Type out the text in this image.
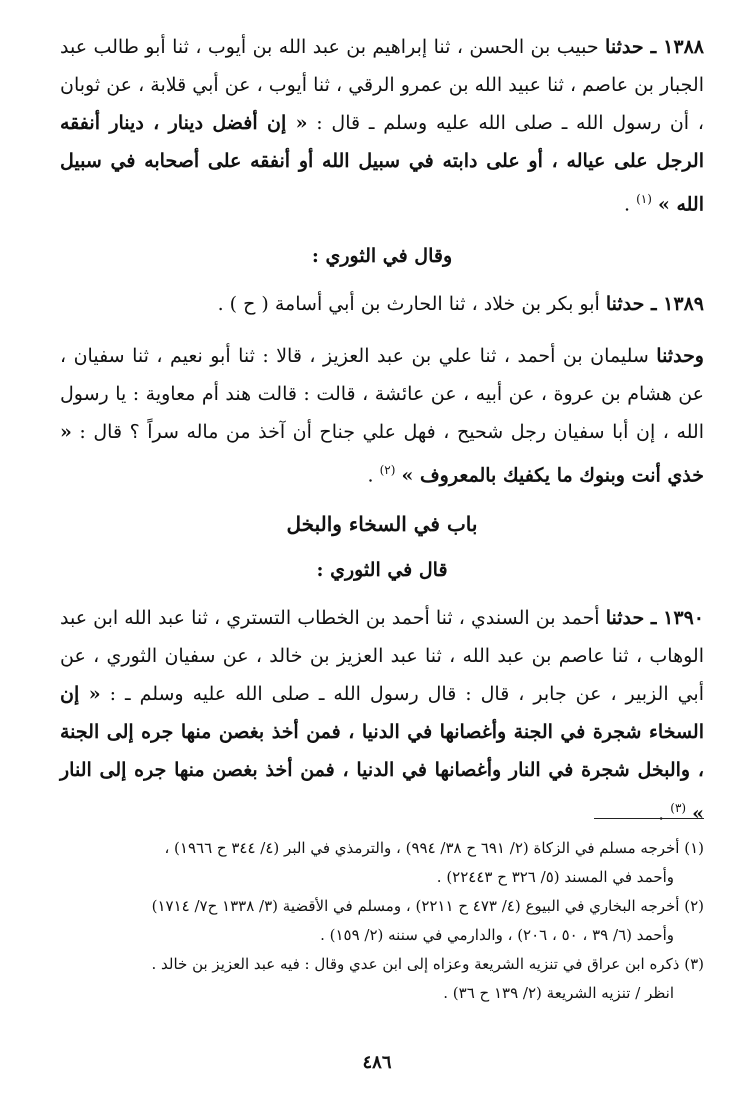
١٣٨٨ ـ حدثنا حبيب بن الحسن ، ثنا إبراهيم بن عبد الله بن أيوب ، ثنا أبو طالب عبد الجبار بن عاصم ، ثنا عبيد الله بن عمرو الرقي ، ثنا أيوب ، عن أبي قلابة ، عن ثوبان ، أن رسول الله ـ صلى الله عليه وسلم ـ قال : « إن أفضل دينار ، دينار أنفقه الرجل على عياله ، أو على دابته في سبيل الله أو أنفقه على أصحابه في سبيل الله » $^{(١)}$ .

وقال في الثوري :

١٣٨٩ ـ حدثنا أبو بكر بن خلاد ، ثنا الحارث بن أبي أسامة ( ح ) .

وحدثنا سليمان بن أحمد ، ثنا علي بن عبد العزيز ، قالا : ثنا أبو نعيم ، ثنا سفيان ، عن هشام بن عروة ، عن أبيه ، عن عائشة ، قالت : قالت هند أم معاوية : يا رسول الله ، إن أبا سفيان رجل شحيح ، فهل علي جناح أن آخذ من ماله سراً ؟ قال : « خذي أنت وبنوك ما يكفيك بالمعروف » $^{(٢)}$ .

باب في السخاء والبخل
قال في الثوري :

١٣٩٠ ـ حدثنا أحمد بن السندي ، ثنا أحمد بن الخطاب التستري ، ثنا عبد الله ابن عبد الوهاب ، ثنا عاصم بن عبد الله ، ثنا عبد العزيز بن خالد ، عن سفيان الثوري ، عن أبي الزبير ، عن جابر ، قال : قال رسول الله ـ صلى الله عليه وسلم ـ : « إن السخاء شجرة في الجنة وأغصانها في الدنيا ، فمن أخذ بغصن منها جره إلى الجنة ، والبخل شجرة في النار وأغصانها في الدنيا ، فمن أخذ بغصن منها جره إلى النار » $^{(٣)}$ .

(١) أخرجه مسلم في الزكاة (٢/ ٦٩١ ح ٣٨/ ٩٩٤) ، والترمذي في البر (٤/ ٣٤٤ ح ١٩٦٦) ،

وأحمد في المسند (٥/ ٣٢٦ ح ٢٢٤٤٣) .

(٢) أخرجه البخاري في البيوع (٤/ ٤٧٣ ح ٢٢١١) ، ومسلم في الأقضية (٣/ ١٣٣٨ ح٧/ ١٧١٤)

وأحمد (٦/ ٣٩ ، ٥٠ ، ٢٠٦) ، والدارمي في سننه (٢/ ١٥٩) .

(٣) ذكره ابن عراق في تنزيه الشريعة وعزاه إلى ابن عدي وقال : فيه عبد العزيز بن خالد .

انظر / تنزيه الشريعة (٢/ ١٣٩ ح ٣٦) .

٤٨٦
